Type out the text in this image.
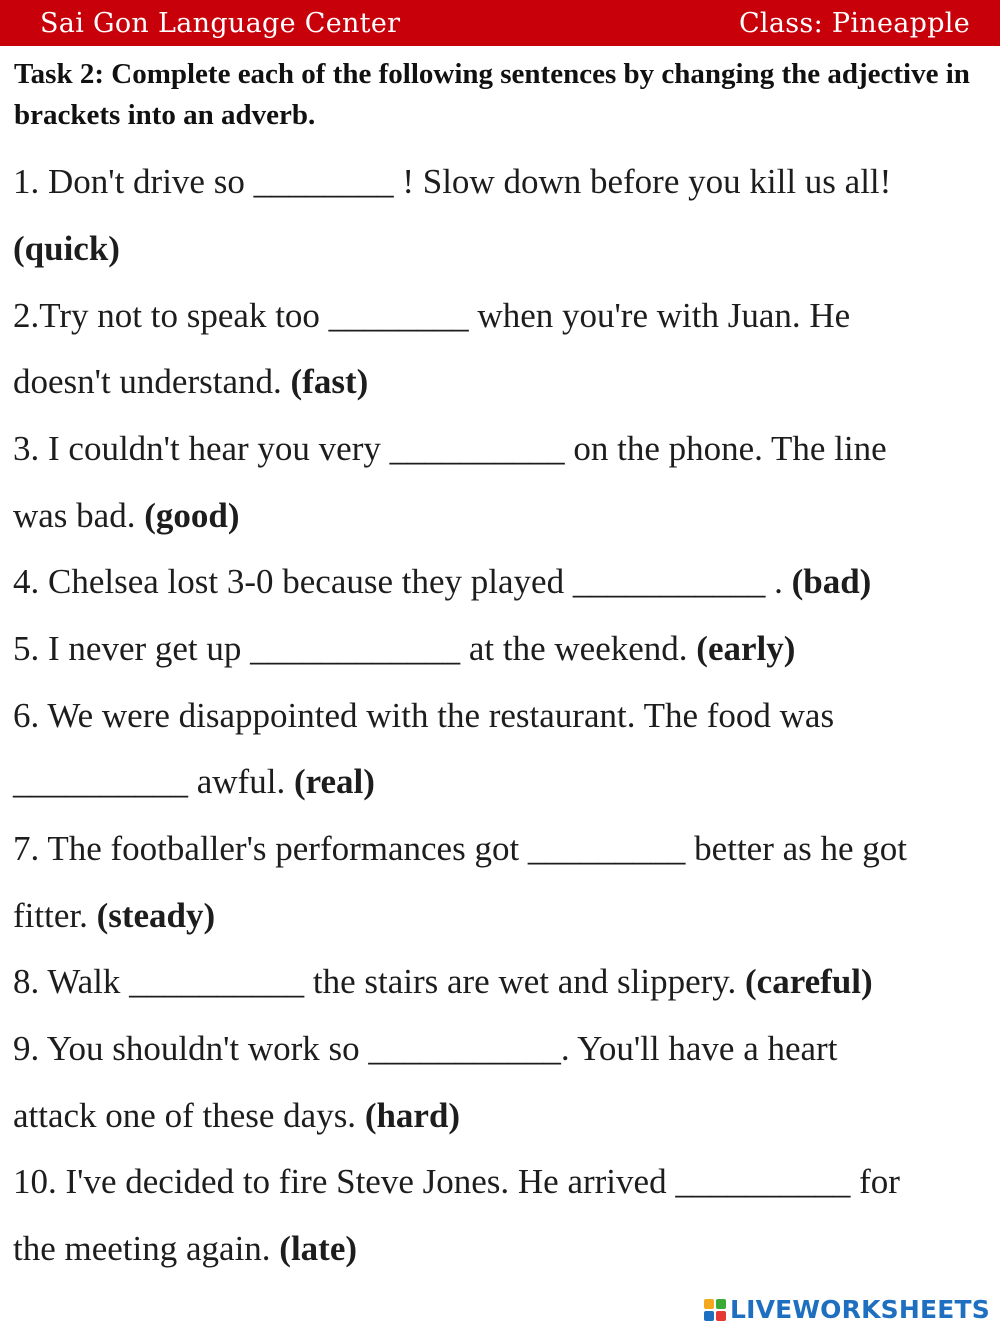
Sai Gon Language Center	Class: Pineapple
Task 2: Complete each of the following sentences by changing the adjective in brackets into an adverb.
1. Don't drive so ________ ! Slow down before you kill us all!
(quick)
2.Try not to speak too ________ when you're with Juan. He
doesn't understand. (fast)
3. I couldn't hear you very __________ on the phone. The line
was bad. (good)
4. Chelsea lost 3-0 because they played ___________ . (bad)
5. I never get up ____________ at the weekend. (early)
6. We were disappointed with the restaurant. The food was
__________ awful. (real)
7. The footballer's performances got _________ better as he got
fitter. (steady)
8. Walk __________ the stairs are wet and slippery. (careful)
9. You shouldn't work so ___________. You'll have a heart
attack one of these days. (hard)
10. I've decided to fire Steve Jones. He arrived __________ for
the meeting again. (late)
LIVEWORKSHEETS
